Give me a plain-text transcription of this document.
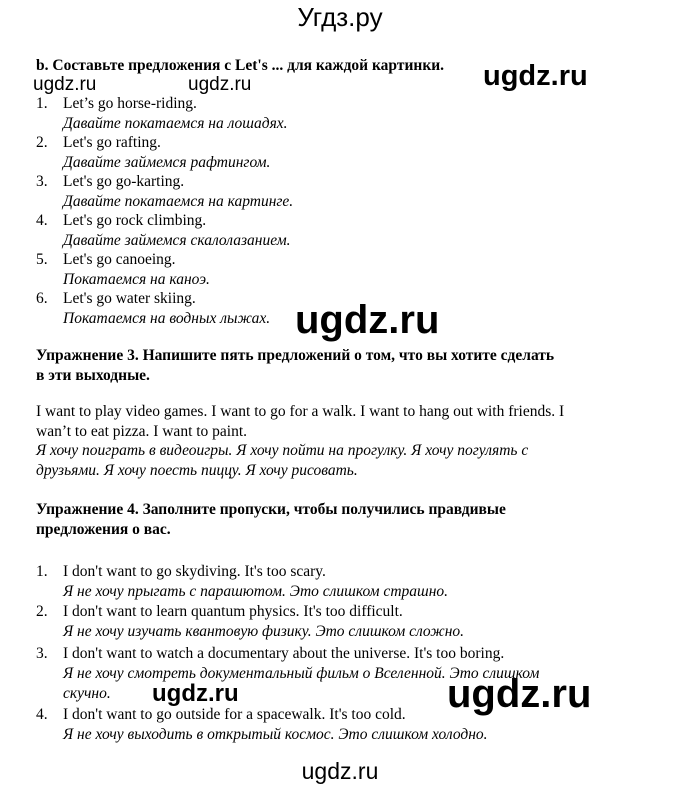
Угдз.ру
b. Составьте предложения с Let's ... для каждой картинки.
ugdz.ru	ugdz.ru	ugdz.ru
1. Let’s go horse-riding.
Давайте покатаемся на лошадях.
2. Let's go rafting.
Давайте займемся рафтингом.
3. Let's go go-karting.
Давайте покатаемся на картинге.
4. Let's go rock climbing.
Давайте займемся скалолазанием.
5. Let's go canoeing.
Покатаемся на каноэ.
6. Let's go water skiing.
Покатаемся на водных лыжах. ugdz.ru
Упражнение 3. Напишите пять предложений о том, что вы хотите сделать
в эти выходные.
I want to play video games. I want to go for a walk. I want to hang out with friends. I
wan’t to eat pizza. I want to paint.
Я хочу поиграть в видеоигры. Я хочу пойти на прогулку. Я хочу погулять с
друзьями. Я хочу поесть пиццу. Я хочу рисовать.
Упражнение 4. Заполните пропуски, чтобы получились правдивые
предложения о вас.
1. I don't want to go skydiving. It's too scary.
Я не хочу прыгать с парашютом. Это слишком страшно.
2. I don't want to learn quantum physics. It's too difficult.
Я не хочу изучать квантовую физику. Это слишком сложно.
3. I don't want to watch a documentary about the universe. It's too boring.
Я не хочу смотреть документальный фильм о Вселенной. Это слишком
скучно.
4. I don't want to go outside for a spacewalk. It's too cold.
Я не хочу выходить в открытый космос. Это слишком холодно.
ugdz.ru	ugdz.ru
ugdz.ru
